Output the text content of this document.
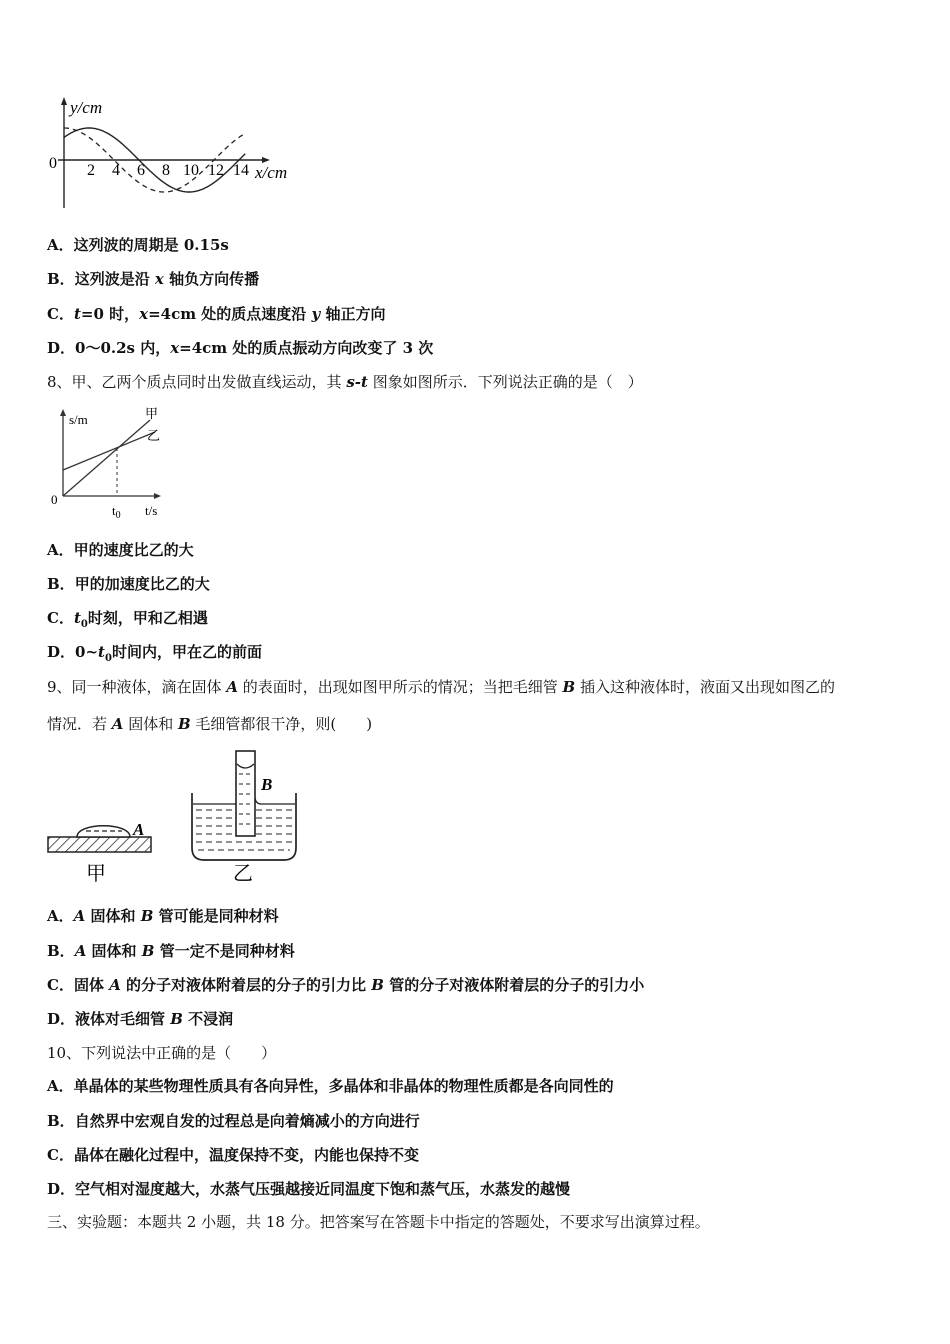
y/cm
0 2 4 6 8 10 12 14 x/cm
A．这列波的周期是 0.15s
B．这列波是沿 x 轴负方向传播
C．t=0 时，x=4cm 处的质点速度沿 y 轴正方向
D．0～0.2s 内，x=4cm 处的质点振动方向改变了 3 次
8、甲、乙两个质点同时出发做直线运动，其 s-t 图象如图所示．下列说法正确的是（　）
s/m
0
$t_0$ t/s
甲
乙
A．甲的速度比乙的大
B．甲的加速度比乙的大
C．$t_0$时刻，甲和乙相遇
D．$0\sim t_0$时间内，甲在乙的前面
9、同一种液体，滴在固体 A 的表面时，出现如图甲所示的情况；当把毛细管 B 插入这种液体时，液面又出现如图乙的
情况．若 A 固体和 B 毛细管都很干净，则(　　)
A
甲
B
乙
A．A 固体和 B 管可能是同种材料
B．A 固体和 B 管一定不是同种材料
C．固体 A 的分子对液体附着层的分子的引力比 B 管的分子对液体附着层的分子的引力小
D．液体对毛细管 B 不浸润
10、下列说法中正确的是（　　）
A．单晶体的某些物理性质具有各向异性，多晶体和非晶体的物理性质都是各向同性的
B．自然界中宏观自发的过程总是向着熵减小的方向进行
C．晶体在融化过程中，温度保持不变，内能也保持不变
D．空气相对湿度越大，水蒸气压强越接近同温度下饱和蒸气压，水蒸发的越慢
三、实验题：本题共 2 小题，共 18 分。把答案写在答题卡中指定的答题处，不要求写出演算过程。
